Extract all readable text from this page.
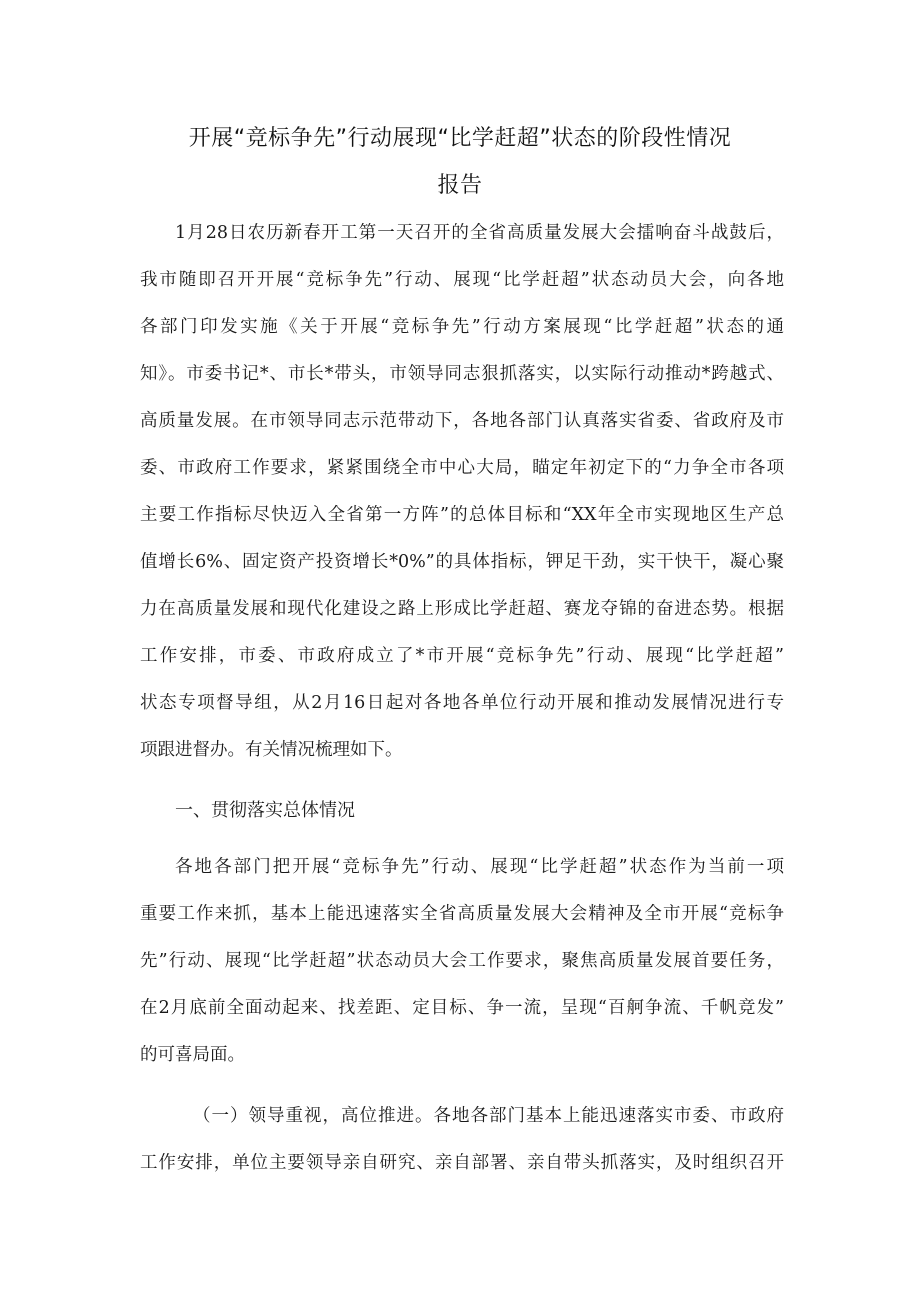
开展“竞标争先”行动展现“比学赶超”状态的阶段性情况
报告
1月28日农历新春开工第一天召开的全省高质量发展大会擂响奋斗战鼓后，
我市随即召开开展“竞标争先”行动、展现“比学赶超”状态动员大会，向各地
各部门印发实施《关于开展“竞标争先”行动方案展现“比学赶超”状态的通
知》。市委书记*、市长*带头，市领导同志狠抓落实，以实际行动推动*跨越式、
高质量发展。在市领导同志示范带动下，各地各部门认真落实省委、省政府及市
委、市政府工作要求，紧紧围绕全市中心大局，瞄定年初定下的“力争全市各项
主要工作指标尽快迈入全省第一方阵”的总体目标和“XX年全市实现地区生产总
值增长6%、固定资产投资增长*0%”的具体指标，钾足干劲，实干快干，凝心聚
力在高质量发展和现代化建设之路上形成比学赶超、赛龙夺锦的奋进态势。根据
工作安排，市委、市政府成立了*市开展“竞标争先”行动、展现“比学赶超”
状态专项督导组，从2月16日起对各地各单位行动开展和推动发展情况进行专
项跟进督办。有关情况梳理如下。
一、贯彻落实总体情况
各地各部门把开展“竞标争先”行动、展现“比学赶超”状态作为当前一项
重要工作来抓，基本上能迅速落实全省高质量发展大会精神及全市开展“竞标争
先”行动、展现“比学赶超”状态动员大会工作要求，聚焦高质量发展首要任务，
在2月底前全面动起来、找差距、定目标、争一流，呈现“百舸争流、千帆竞发”
的可喜局面。
（一）领导重视，高位推进。各地各部门基本上能迅速落实市委、市政府
工作安排，单位主要领导亲自研究、亲自部署、亲自带头抓落实，及时组织召开
